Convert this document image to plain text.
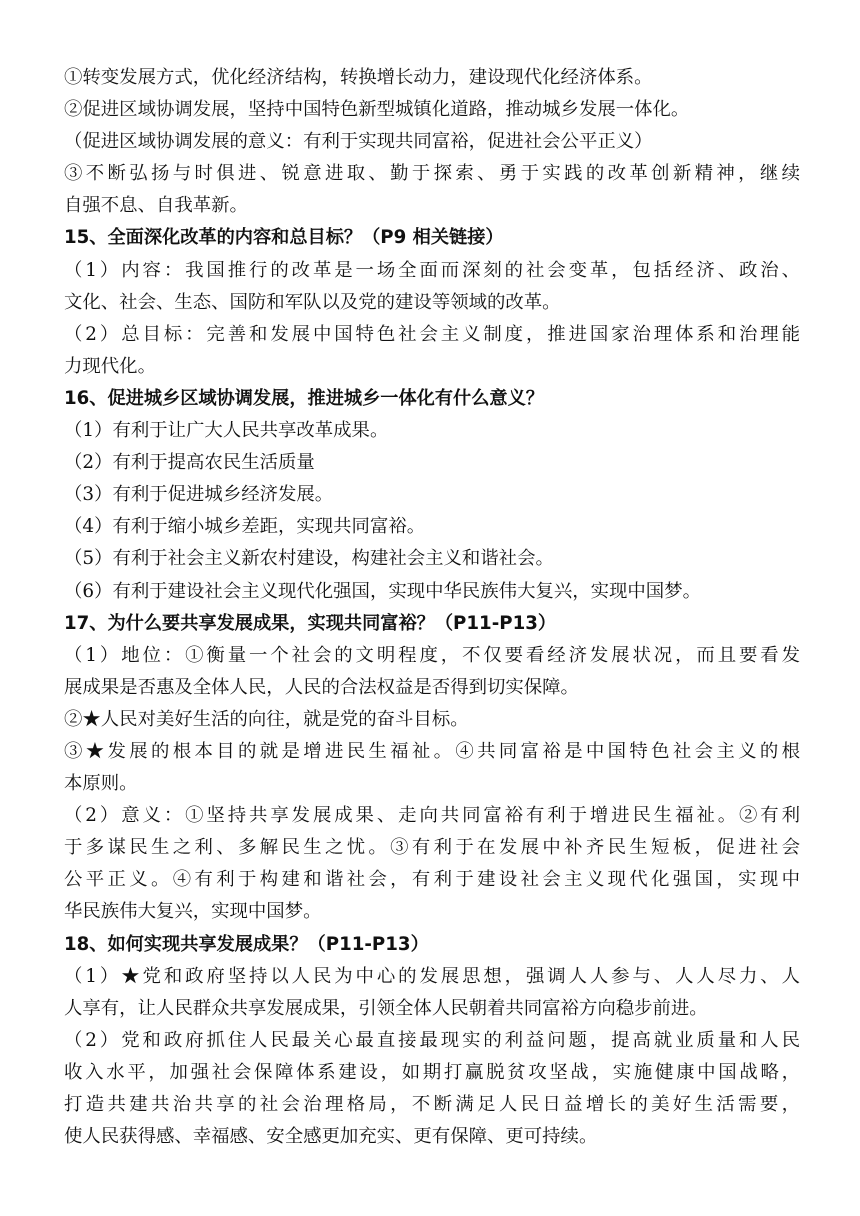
①转变发展方式，优化经济结构，转换增长动力，建设现代化经济体系。
②促进区域协调发展，坚持中国特色新型城镇化道路，推动城乡发展一体化。
（促进区域协调发展的意义：有利于实现共同富裕，促进社会公平正义）
③不断弘扬与时俱进、锐意进取、勤于探索、勇于实践的改革创新精神，继续
自强不息、自我革新。
15、全面深化改革的内容和总目标？（P9 相关链接）
（1）内容：我国推行的改革是一场全面而深刻的社会变革，包括经济、政治、
文化、社会、生态、国防和军队以及党的建设等领域的改革。
（2）总目标：完善和发展中国特色社会主义制度，推进国家治理体系和治理能
力现代化。
16、促进城乡区域协调发展，推进城乡一体化有什么意义？
（1）有利于让广大人民共享改革成果。
（2）有利于提高农民生活质量
（3）有利于促进城乡经济发展。
（4）有利于缩小城乡差距，实现共同富裕。
（5）有利于社会主义新农村建设，构建社会主义和谐社会。
（6）有利于建设社会主义现代化强国，实现中华民族伟大复兴，实现中国梦。
17、为什么要共享发展成果，实现共同富裕？（P11-P13）
（1）地位：①衡量一个社会的文明程度，不仅要看经济发展状况，而且要看发
展成果是否惠及全体人民，人民的合法权益是否得到切实保障。
②★人民对美好生活的向往，就是党的奋斗目标。
③★发展的根本目的就是增进民生福祉。④共同富裕是中国特色社会主义的根
本原则。
（2）意义：①坚持共享发展成果、走向共同富裕有利于增进民生福祉。②有利
于多谋民生之利、多解民生之忧。③有利于在发展中补齐民生短板，促进社会
公平正义。④有利于构建和谐社会，有利于建设社会主义现代化强国，实现中
华民族伟大复兴，实现中国梦。
18、如何实现共享发展成果？（P11-P13）
（1）★党和政府坚持以人民为中心的发展思想，强调人人参与、人人尽力、人
人享有，让人民群众共享发展成果，引领全体人民朝着共同富裕方向稳步前进。
（2）党和政府抓住人民最关心最直接最现实的利益问题，提高就业质量和人民
收入水平，加强社会保障体系建设，如期打赢脱贫攻坚战，实施健康中国战略，
打造共建共治共享的社会治理格局，不断满足人民日益增长的美好生活需要，
使人民获得感、幸福感、安全感更加充实、更有保障、更可持续。
